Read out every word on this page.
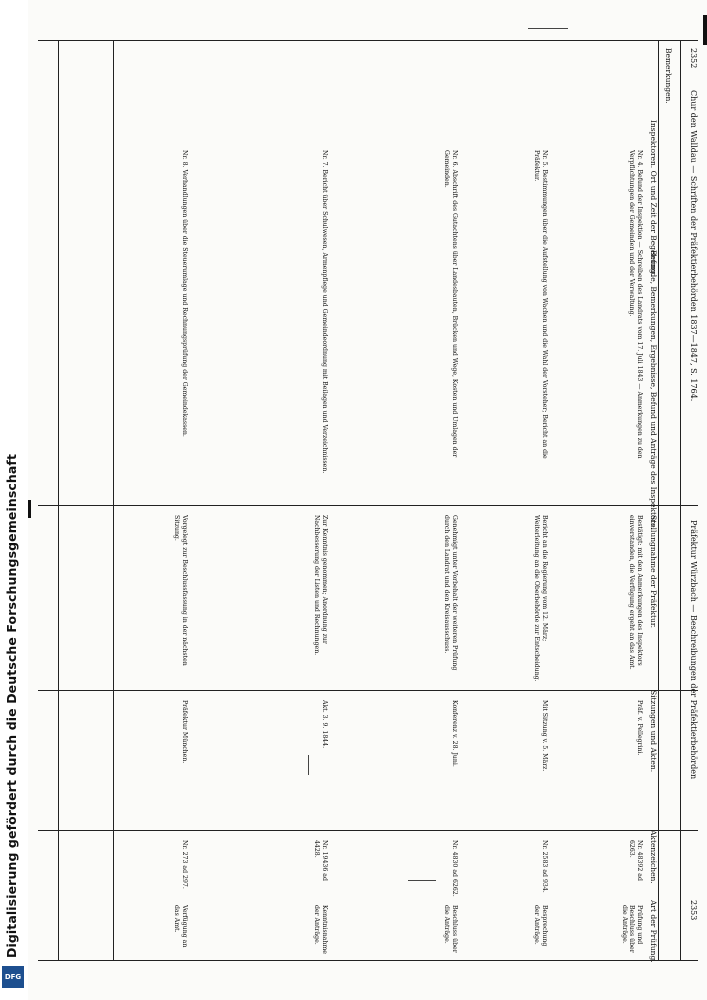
Digitalisierung gefördert durch die Deutsche Forschungsgemeinschaft
DFG
2352
Chur den Walldau — Schriften der Präfektierbehörden 1837—1847, S. 1764.
Präfektur Würzbach — Beschreibungen der Präfektierbehörden
2353
Bemerkungen.
Inspektoren. Ort und Zeit der Begehung.
Befunde, Bemerkungen, Ergebnisse, Befund und Anträge des Inspektors.
Stellungnahme der Präfektur.
Sitzungen und Akten.
Aktenzeichen.
Art der Prüfung.
Nr. 4. Befund der Inspektion — Schreiben des Landrats vom 17. Juli 1843 — Anmerkungen zu den Verpflichtungen der Gemeinden und der Verwaltung.
Nr. 5. Bestimmungen über die Aufstellung von Wachen und die Wahl der Vorsteher; Bericht an die Präfektur.
Nr. 6. Abschrift des Gutachtens über Landesbauten, Brücken und Wege, Kosten und Umlagen der Gemeinden.
Nr. 7. Bericht über Schulwesen, Armenpflege und Gemeindeordnung mit Beilagen und Verzeichnissen.
Nr. 8. Verhandlungen über die Steuerumlage und Rechnungsprüfung der Gemeindekassen.
Bestätigt: mit den Anmerkungen des Inspektors einverstanden, die Verfügung ergeht an das Amt.
Bericht an die Regierung vom 12. März; Weiterleitung an die Oberbehörde zur Entscheidung.
Genehmigt unter Vorbehalt der weiteren Prüfung durch den Landrat und den Kreisausschuss.
Zur Kenntnis genommen; Anordnung zur Nachbesserung der Listen und Rechnungen.
Vorgelegt zur Beschlussfassung in der nächsten Sitzung.
Präf. v. Pellegrini.
Mit Sitzung v. 5. März.
Konferenz v. 28. Juni.
Akt. 3. 9. 1844.
Präfektur München.
Nr. 48392 ad 6263.
Nr. 2583 ad 934.
Nr. 4830 ad 6262.
Nr. 19436 ad 4428.
Nr. 273 ad 297.
Prüfung und Beschluss über die Anträge.
Besprechung der Anträge.
Beschluss über die Anträge.
Kenntnisnahme der Anträge.
Verfügung an das Amt.
